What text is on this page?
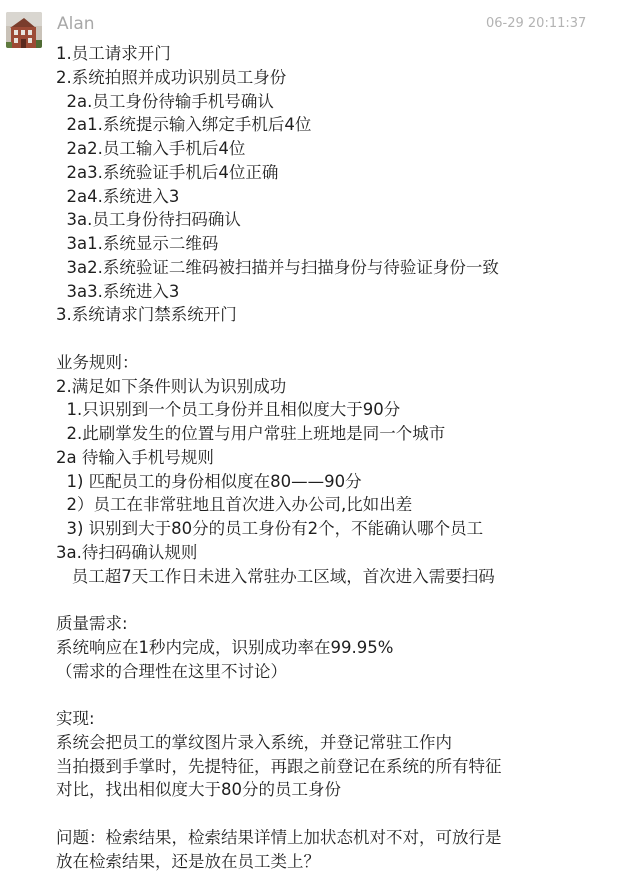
Alan	06-29 20:11:37
1.员工请求开门
2.系统拍照并成功识别员工身份
2a.员工身份待输手机号确认
2a1.系统提示输入绑定手机后4位
2a2.员工输入手机后4位
2a3.系统验证手机后4位正确
2a4.系统进入3
3a.员工身份待扫码确认
3a1.系统显示二维码
3a2.系统验证二维码被扫描并与扫描身份与待验证身份一致
3a3.系统进入3
3.系统请求门禁系统开门
业务规则：
2.满足如下条件则认为识别成功
1.只识别到一个员工身份并且相似度大于90分
2.此刷掌发生的位置与用户常驻上班地是同一个城市
2a 待输入手机号规则
1) 匹配员工的身份相似度在80——90分
2）员工在非常驻地且首次进入办公司,比如出差
3) 识别到大于80分的员工身份有2个，不能确认哪个员工
3a.待扫码确认规则
员工超7天工作日未进入常驻办工区域，首次进入需要扫码
质量需求:
系统响应在1秒内完成，识别成功率在99.95%
（需求的合理性在这里不讨论）
实现:
系统会把员工的掌纹图片录入系统，并登记常驻工作内
当拍摄到手掌时，先提特征，再跟之前登记在系统的所有特征
对比，找出相似度大于80分的员工身份
问题：检索结果，检索结果详情上加状态机对不对，可放行是
放在检索结果，还是放在员工类上？
